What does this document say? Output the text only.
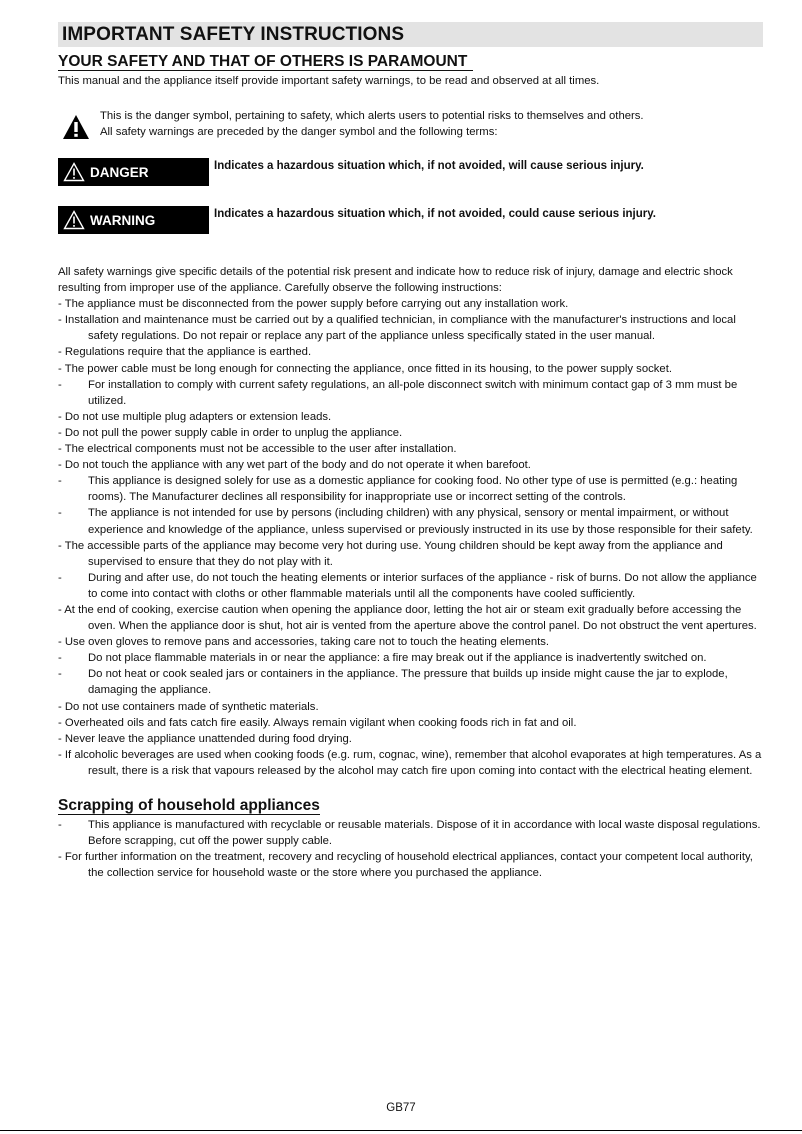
IMPORTANT SAFETY INSTRUCTIONS
YOUR SAFETY AND THAT OF OTHERS IS PARAMOUNT
This manual and the appliance itself provide important safety warnings, to be read and observed at all times.
This is the danger symbol, pertaining to safety, which alerts users to potential risks to themselves and others.
All safety warnings are preceded by the danger symbol and the following terms:
DANGER	Indicates a hazardous situation which, if not avoided, will cause serious injury.
WARNING	Indicates a hazardous situation which, if not avoided, could cause serious injury.

All safety warnings give specific details of the potential risk present and indicate how to reduce risk of injury, damage and electric shock resulting from improper use of the appliance. Carefully observe the following instructions:

- The appliance must be disconnected from the power supply before carrying out any installation work.

- Installation and maintenance must be carried out by a qualified technician, in compliance with the manufacturer's instructions and local safety regulations. Do not repair or replace any part of the appliance unless specifically stated in the user manual.

- Regulations require that the appliance is earthed.

- The power cable must be long enough for connecting the appliance, once fitted in its housing, to the power supply socket.

- For installation to comply with current safety regulations, an all-pole disconnect switch with minimum contact gap of 3 mm must be utilized.

- Do not use multiple plug adapters or extension leads.

- Do not pull the power supply cable in order to unplug the appliance.

- The electrical components must not be accessible to the user after installation.

- Do not touch the appliance with any wet part of the body and do not operate it when barefoot.

- This appliance is designed solely for use as a domestic appliance for cooking food. No other type of use is permitted (e.g.: heating rooms). The Manufacturer declines all responsibility for inappropriate use or incorrect setting of the controls.

- The appliance is not intended for use by persons (including children) with any physical, sensory or mental impairment, or without experience and knowledge of the appliance, unless supervised or previously instructed in its use by those responsible for their safety.

- The accessible parts of the appliance may become very hot during use. Young children should be kept away from the appliance and supervised to ensure that they do not play with it.

- During and after use, do not touch the heating elements or interior surfaces of the appliance - risk of burns. Do not allow the appliance to come into contact with cloths or other flammable materials until all the components have cooled sufficiently.

- At the end of cooking, exercise caution when opening the appliance door, letting the hot air or steam exit gradually before accessing the oven. When the appliance door is shut, hot air is vented from the aperture above the control panel. Do not obstruct the vent apertures.

- Use oven gloves to remove pans and accessories, taking care not to touch the heating elements.

- Do not place flammable materials in or near the appliance: a fire may break out if the appliance is inadvertently switched on.

- Do not heat or cook sealed jars or containers in the appliance. The pressure that builds up inside might cause the jar to explode, damaging the appliance.

- Do not use containers made of synthetic materials.

- Overheated oils and fats catch fire easily. Always remain vigilant when cooking foods rich in fat and oil.

- Never leave the appliance unattended during food drying.

- If alcoholic beverages are used when cooking foods (e.g. rum, cognac, wine), remember that alcohol evaporates at high temperatures. As a result, there is a risk that vapours released by the alcohol may catch fire upon coming into contact with the electrical heating element.

Scrapping of household appliances

- This appliance is manufactured with recyclable or reusable materials. Dispose of it in accordance with local waste disposal regulations. Before scrapping, cut off the power supply cable.

- For further information on the treatment, recovery and recycling of household electrical appliances, contact your competent local authority, the collection service for household waste or the store where you purchased the appliance.

GB77
